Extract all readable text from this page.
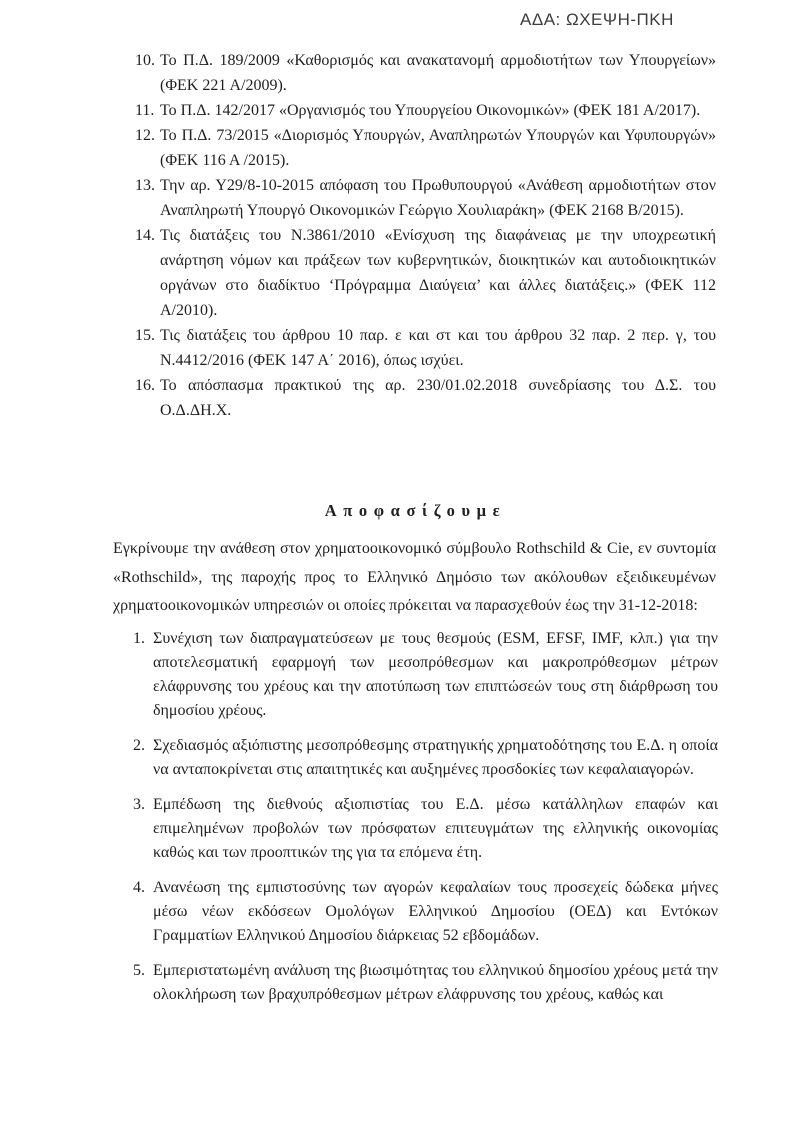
ΑΔΑ: ΩΧΕΨΗ-ΠΚΗ
10. Το Π.Δ. 189/2009 «Καθορισμός και ανακατανομή αρμοδιοτήτων των Υπουργείων» (ΦΕΚ 221 Α/2009).
11. Το Π.Δ. 142/2017 «Οργανισμός του Υπουργείου Οικονομικών» (ΦΕΚ 181 Α/2017).
12. Το Π.Δ. 73/2015 «Διορισμός Υπουργών, Αναπληρωτών Υπουργών και Υφυπουργών» (ΦΕΚ 116 Α /2015).
13. Την αρ. Υ29/8-10-2015 απόφαση του Πρωθυπουργού «Ανάθεση αρμοδιοτήτων στον Αναπληρωτή Υπουργό Οικονομικών Γεώργιο Χουλιαράκη» (ΦΕΚ 2168 Β/2015).
14. Τις διατάξεις του Ν.3861/2010 «Ενίσχυση της διαφάνειας με την υποχρεωτική ανάρτηση νόμων και πράξεων των κυβερνητικών, διοικητικών και αυτοδιοικητικών οργάνων στο διαδίκτυο ‘Πρόγραμμα Διαύγεια’ και άλλες διατάξεις.» (ΦΕΚ 112 Α/2010).
15. Τις διατάξεις του άρθρου 10 παρ. ε και στ και του άρθρου 32 παρ. 2 περ. γ, του Ν.4412/2016 (ΦΕΚ 147 Α΄ 2016), όπως ισχύει.
16. Το απόσπασμα πρακτικού της αρ. 230/01.02.2018 συνεδρίασης του Δ.Σ. του Ο.Δ.ΔΗ.Χ.
Αποφασίζουμε
Εγκρίνουμε την ανάθεση στον χρηματοοικονομικό σύμβουλο Rothschild & Cie, εν συντομία «Rothschild», της παροχής προς το Ελληνικό Δημόσιο των ακόλουθων εξειδικευμένων χρηματοοικονομικών υπηρεσιών οι οποίες πρόκειται να παρασχεθούν έως την 31-12-2018:
1. Συνέχιση των διαπραγματεύσεων με τους θεσμούς (ESM, EFSF, IMF, κλπ.) για την αποτελεσματική εφαρμογή των μεσοπρόθεσμων και μακροπρόθεσμων μέτρων ελάφρυνσης του χρέους και την αποτύπωση των επιπτώσεών τους στη διάρθρωση του δημοσίου χρέους.
2. Σχεδιασμός αξιόπιστης μεσοπρόθεσμης στρατηγικής χρηματοδότησης του Ε.Δ. η οποία να ανταποκρίνεται στις απαιτητικές και αυξημένες προσδοκίες των κεφαλαιαγορών.
3. Εμπέδωση της διεθνούς αξιοπιστίας του Ε.Δ. μέσω κατάλληλων επαφών και επιμελημένων προβολών των πρόσφατων επιτευγμάτων της ελληνικής οικονομίας καθώς και των προοπτικών της για τα επόμενα έτη.
4. Ανανέωση της εμπιστοσύνης των αγορών κεφαλαίων τους προσεχείς δώδεκα μήνες μέσω νέων εκδόσεων Ομολόγων Ελληνικού Δημοσίου (ΟΕΔ) και Εντόκων Γραμματίων Ελληνικού Δημοσίου διάρκειας 52 εβδομάδων.
5. Εμπεριστατωμένη ανάλυση της βιωσιμότητας του ελληνικού δημοσίου χρέους μετά την ολοκλήρωση των βραχυπρόθεσμων μέτρων ελάφρυνσης του χρέους, καθώς και
